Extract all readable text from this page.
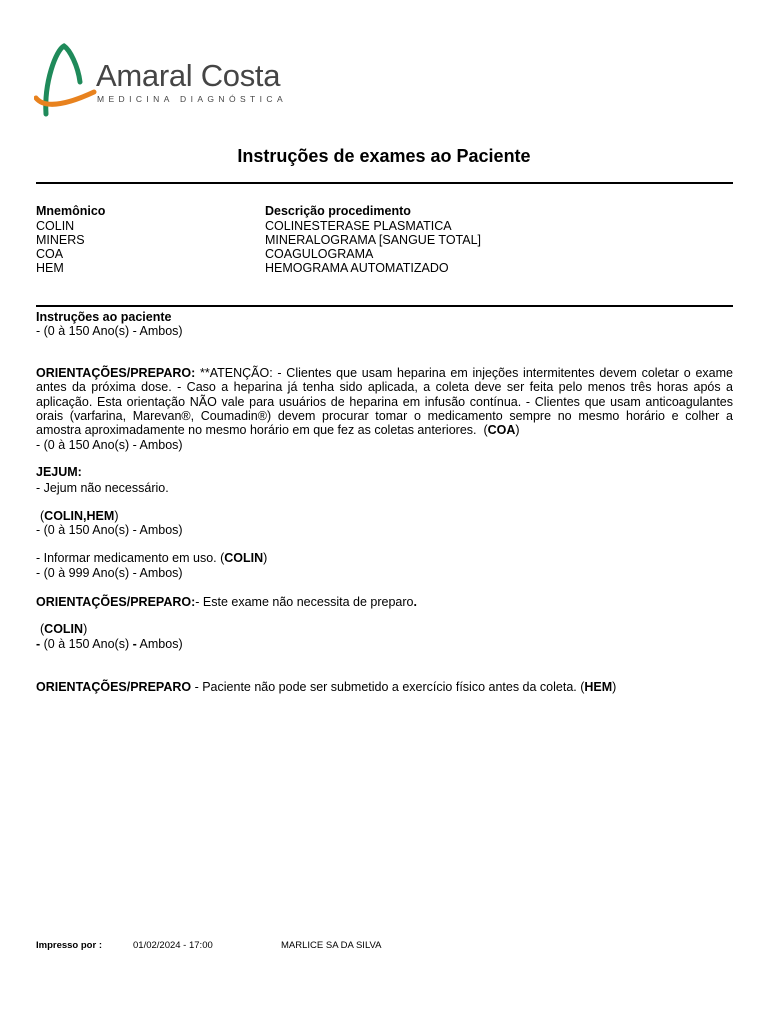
Amaral Costa
MEDICINA DIAGNÓSTICA
Instruções de exames ao Paciente
Mnemônico	Descrição procedimento
COLIN	COLINESTERASE PLASMATICA
MINERS	MINERALOGRAMA [SANGUE TOTAL]
COA	COAGULOGRAMA
HEM	HEMOGRAMA AUTOMATIZADO
Instruções ao paciente
- (0 à 150 Ano(s) - Ambos)
ORIENTAÇÕES/PREPARO: **ATENÇÃO: - Clientes que usam heparina em injeções intermitentes devem coletar o exame antes da próxima dose. - Caso a heparina já tenha sido aplicada, a coleta deve ser feita pelo menos três horas após a aplicação. Esta orientação NÃO vale para usuários de heparina em infusão contínua. - Clientes que usam anticoagulantes orais (varfarina, Marevan®, Coumadin®) devem procurar tomar o medicamento sempre no mesmo horário e colher a amostra aproximadamente no mesmo horário em que fez as coletas anteriores.  (COA)
- (0 à 150 Ano(s) - Ambos)
JEJUM:
- Jejum não necessário.
(COLIN,HEM)
- (0 à 150 Ano(s) - Ambos)
- Informar medicamento em uso. (COLIN)
- (0 à 999 Ano(s) - Ambos)
ORIENTAÇÕES/PREPARO:- Este exame não necessita de preparo.
(COLIN)
- (0 à 150 Ano(s) - Ambos)
ORIENTAÇÕES/PREPARO - Paciente não pode ser submetido a exercício físico antes da coleta. (HEM)
Impresso por :	01/02/2024 - 17:00	MARLICE SA DA SILVA
